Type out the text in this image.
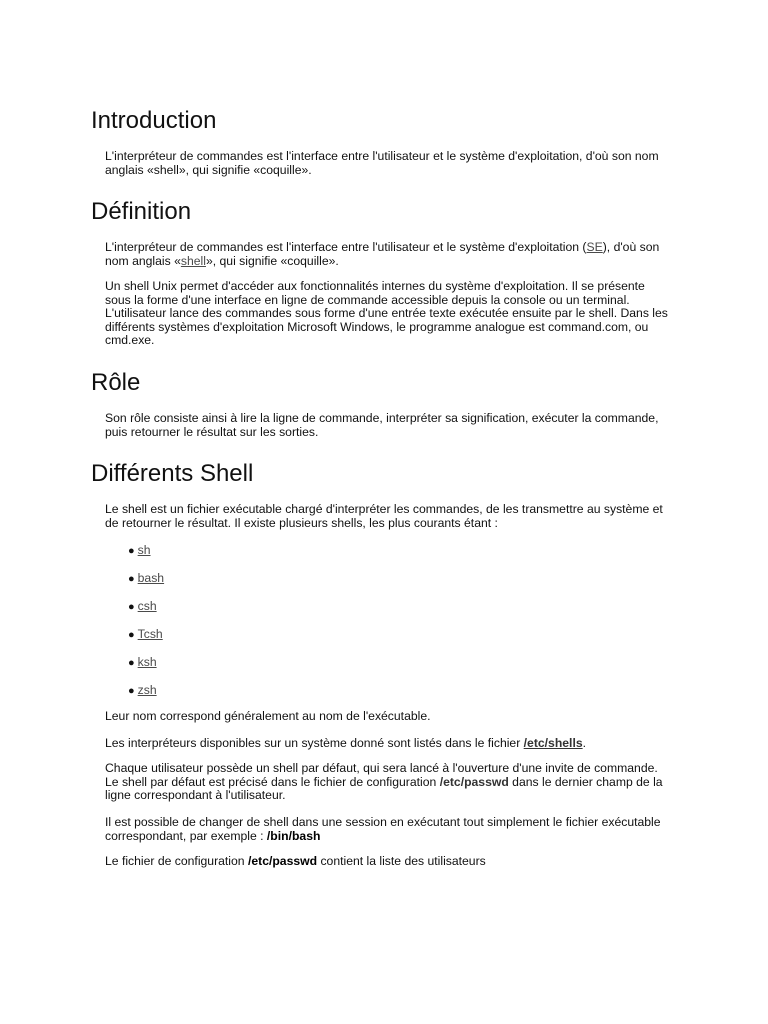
Introduction

L'interpréteur de commandes est l'interface entre l'utilisateur et le système d'exploitation, d'où son nom anglais «shell», qui signifie «coquille».

Définition

L'interpréteur de commandes est l'interface entre l'utilisateur et le système d'exploitation (SE), d'où son nom anglais «shell», qui signifie «coquille».

Un shell Unix permet d'accéder aux fonctionnalités internes du système d'exploitation. Il se présente sous la forme d'une interface en ligne de commande accessible depuis la console ou un terminal. L'utilisateur lance des commandes sous forme d'une entrée texte exécutée ensuite par le shell. Dans les différents systèmes d'exploitation Microsoft Windows, le programme analogue est command.com, ou cmd.exe.

Rôle

Son rôle consiste ainsi à lire la ligne de commande, interpréter sa signification, exécuter la commande, puis retourner le résultat sur les sorties.

Différents Shell

Le shell est un fichier exécutable chargé d'interpréter les commandes, de les transmettre au système et de retourner le résultat. Il existe plusieurs shells, les plus courants étant :

● sh
● bash
● csh
● Tcsh
● ksh
● zsh

Leur nom correspond généralement au nom de l'exécutable.

Les interpréteurs disponibles sur un système donné sont listés dans le fichier /etc/shells.

Chaque utilisateur possède un shell par défaut, qui sera lancé à l'ouverture d'une invite de commande. Le shell par défaut est précisé dans le fichier de configuration /etc/passwd dans le dernier champ de la ligne correspondant à l'utilisateur.

Il est possible de changer de shell dans une session en exécutant tout simplement le fichier exécutable correspondant, par exemple : /bin/bash

Le fichier de configuration /etc/passwd contient la liste des utilisateurs
